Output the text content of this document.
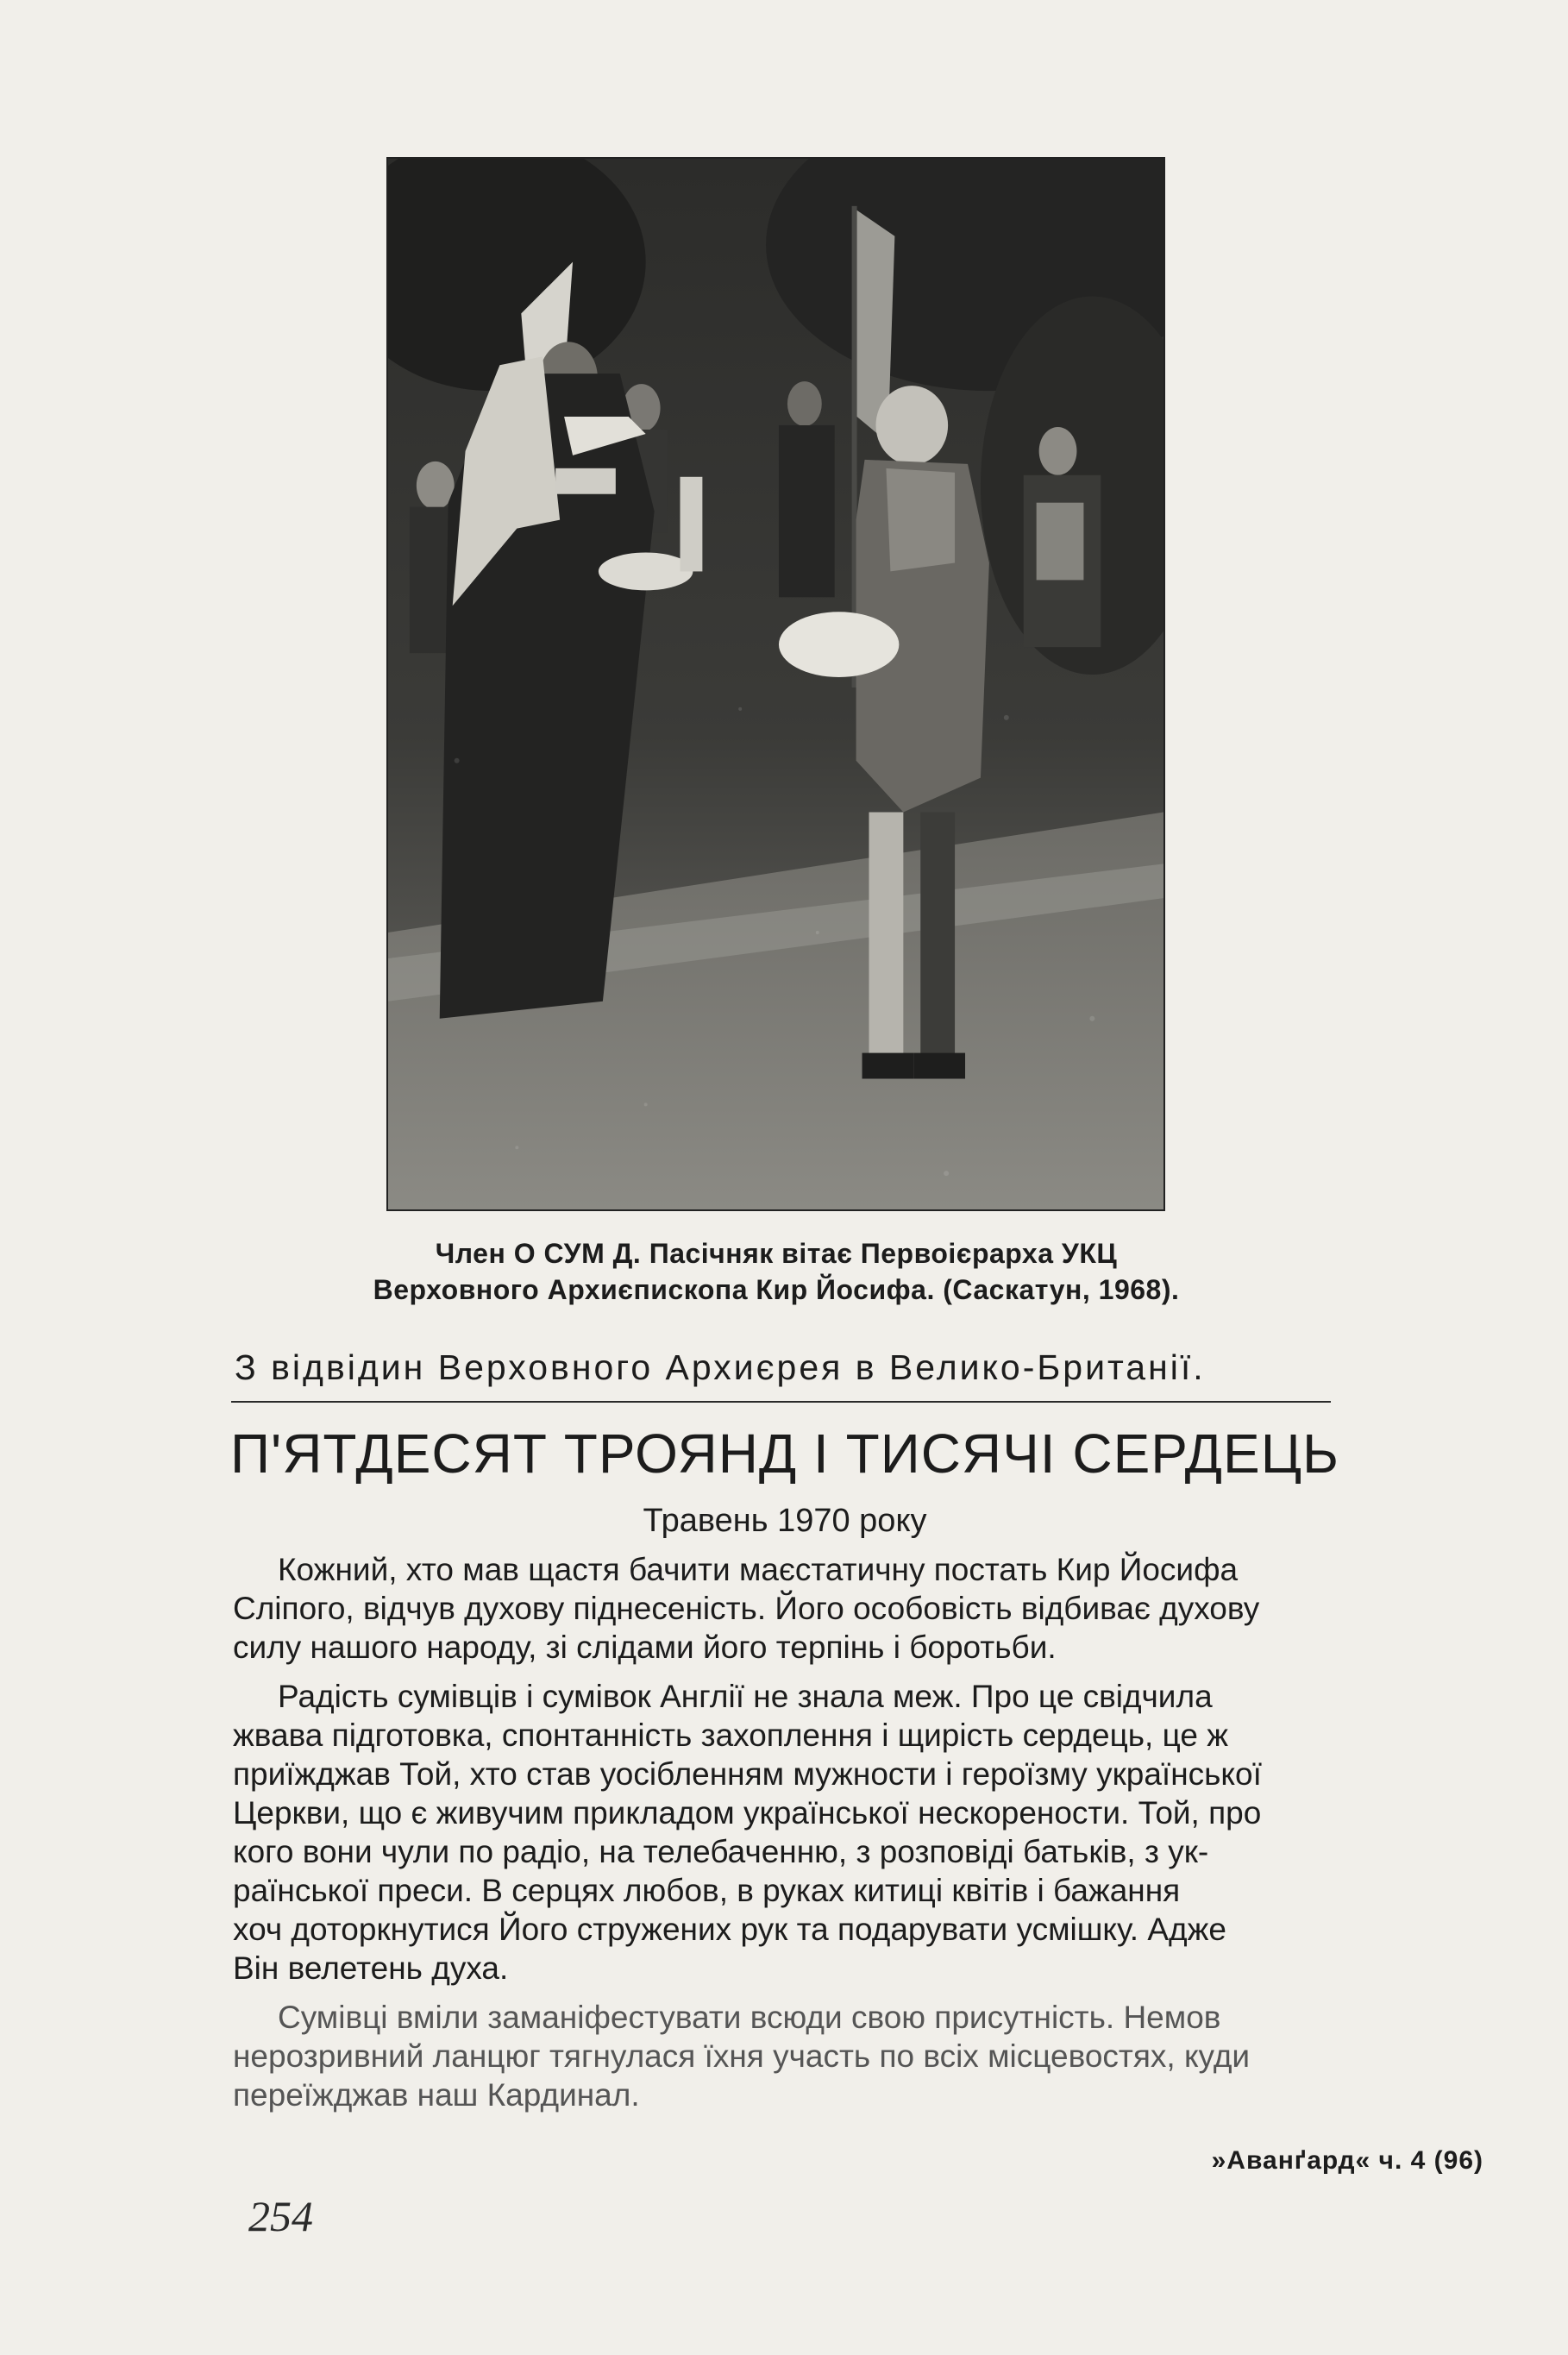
Член О СУМ Д. Пасічняк вітає Первоієрарха УКЦ
Верховного Архиєпископа Кир Йосифа. (Саскатун, 1968).
З відвідин Верховного Архиєрея в Велико-Британії.
П'ЯТДЕСЯТ ТРОЯНД І ТИСЯЧІ СЕРДЕЦЬ
Травень 1970 року

Кожний, хто мав щастя бачити маєстатичну постать Кир Йосифа
Сліпого, відчув духову піднесеність. Його особовість відбиває духову
силу нашого народу, зі слідами його терпінь і боротьби.

Радість сумівців і сумівок Англії не знала меж. Про це свідчила
жвава підготовка, спонтанність захоплення і щирість сердець, це ж
приїжджав Той, хто став уосібленням мужности і героїзму української
Церкви, що є живучим прикладом української нескорености. Той, про
кого вони чули по радіо, на телебаченню, з розповіді батьків, з ук-
раїнської преси. В серцях любов, в руках китиці квітів і бажання
хоч доторкнутися Його стружених рук та подарувати усмішку. Адже
Він велетень духа.

Сумівці вміли заманіфестувати всюди свою присутність. Немов
нерозривний ланцюг тягнулася їхня участь по всіх місцевостях, куди
переїжджав наш Кардинал.

»Аванґард« ч. 4 (96)
254
